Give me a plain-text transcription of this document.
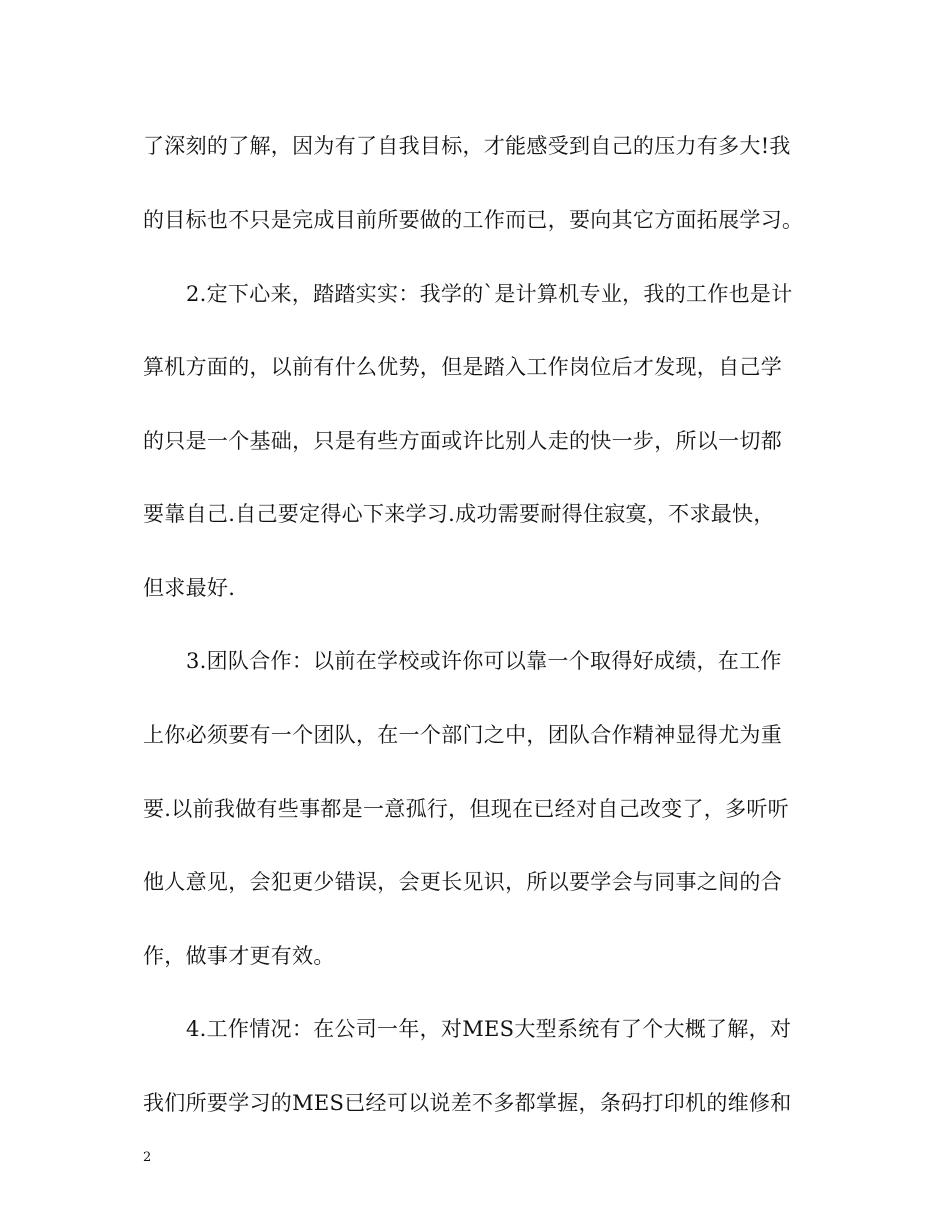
了深刻的了解，因为有了自我目标，才能感受到自己的压力有多大!我
的目标也不只是完成目前所要做的工作而已，要向其它方面拓展学习。
2.定下心来，踏踏实实：我学的`是计算机专业，我的工作也是计
算机方面的，以前有什么优势，但是踏入工作岗位后才发现，自己学
的只是一个基础，只是有些方面或许比别人走的快一步，所以一切都
要靠自己.自己要定得心下来学习.成功需要耐得住寂寞，不求最快，
但求最好.
3.团队合作：以前在学校或许你可以靠一个取得好成绩，在工作
上你必须要有一个团队，在一个部门之中，团队合作精神显得尤为重
要.以前我做有些事都是一意孤行，但现在已经对自己改变了，多听听
他人意见，会犯更少错误，会更长见识，所以要学会与同事之间的合
作，做事才更有效。
4.工作情况：在公司一年，对MES大型系统有了个大概了解，对
我们所要学习的MES已经可以说差不多都掌握，条码打印机的维修和
2
